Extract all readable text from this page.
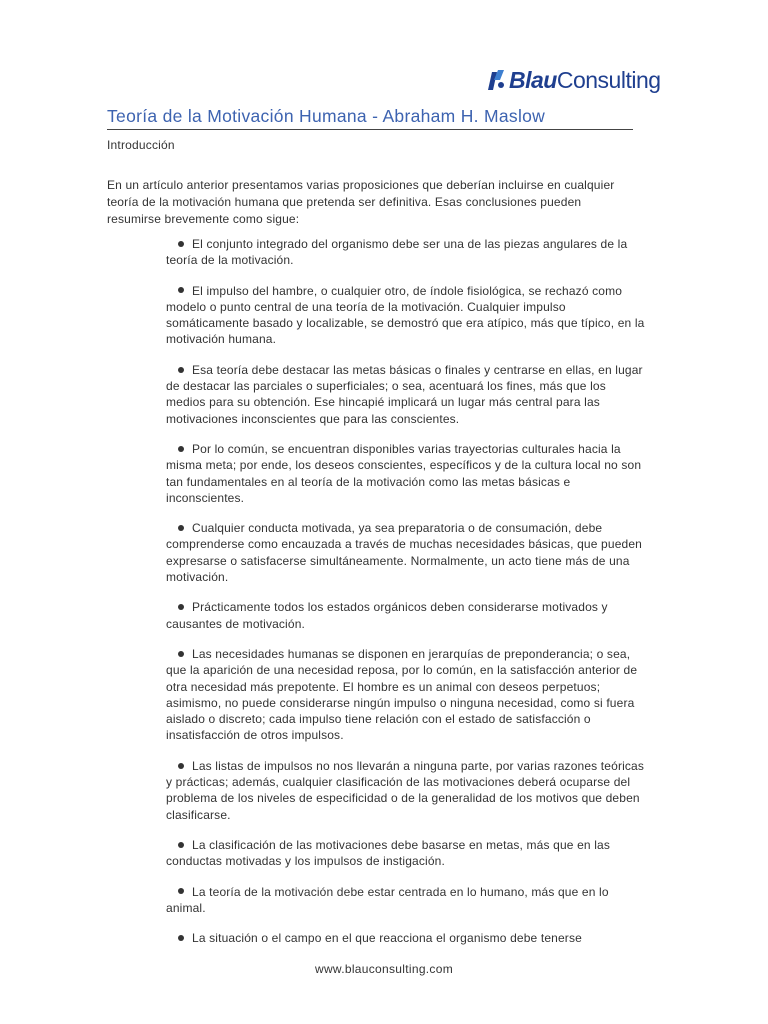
Blau Consulting
Teoría de la Motivación Humana - Abraham H. Maslow
Introducción

En un artículo anterior presentamos varias proposiciones que deberían incluirse en cualquier teoría de la motivación humana que pretenda ser definitiva. Esas conclusiones pueden resumirse brevemente como sigue:

El conjunto integrado del organismo debe ser una de las piezas angulares de la teoría de la motivación.
El impulso del hambre, o cualquier otro, de índole fisiológica, se rechazó como modelo o punto central de una teoría de la motivación. Cualquier impulso somáticamente basado y localizable, se demostró que era atípico, más que típico, en la motivación humana.
Esa teoría debe destacar las metas básicas o finales y centrarse en ellas, en lugar de destacar las parciales o superficiales; o sea, acentuará los fines, más que los medios para su obtención. Ese hincapié implicará un lugar más central para las motivaciones inconscientes que para las conscientes.
Por lo común, se encuentran disponibles varias trayectorias culturales hacia la misma meta; por ende, los deseos conscientes, específicos y de la cultura local no son tan fundamentales en al teoría de la motivación como las metas básicas e inconscientes.
Cualquier conducta motivada, ya sea preparatoria o de consumación, debe comprenderse como encauzada a través de muchas necesidades básicas, que pueden expresarse o satisfacerse simultáneamente. Normalmente, un acto tiene más de una motivación.
Prácticamente todos los estados orgánicos deben considerarse motivados y causantes de motivación.
Las necesidades humanas se disponen en jerarquías de preponderancia; o sea, que la aparición de una necesidad reposa, por lo común, en la satisfacción anterior de otra necesidad más prepotente. El hombre es un animal con deseos perpetuos; asimismo, no puede considerarse ningún impulso o ninguna necesidad, como si fuera aislado o discreto; cada impulso tiene relación con el estado de satisfacción o insatisfacción de otros impulsos.
Las listas de impulsos no nos llevarán a ninguna parte, por varias razones teóricas y prácticas; además, cualquier clasificación de las motivaciones deberá ocuparse del problema de los niveles de especificidad o de la generalidad de los motivos que deben clasificarse.
La clasificación de las motivaciones debe basarse en metas, más que en las conductas motivadas y los impulsos de instigación.
La teoría de la motivación debe estar centrada en lo humano, más que en lo animal.
La situación o el campo en el que reacciona el organismo debe tenerse
www.blauconsulting.com
